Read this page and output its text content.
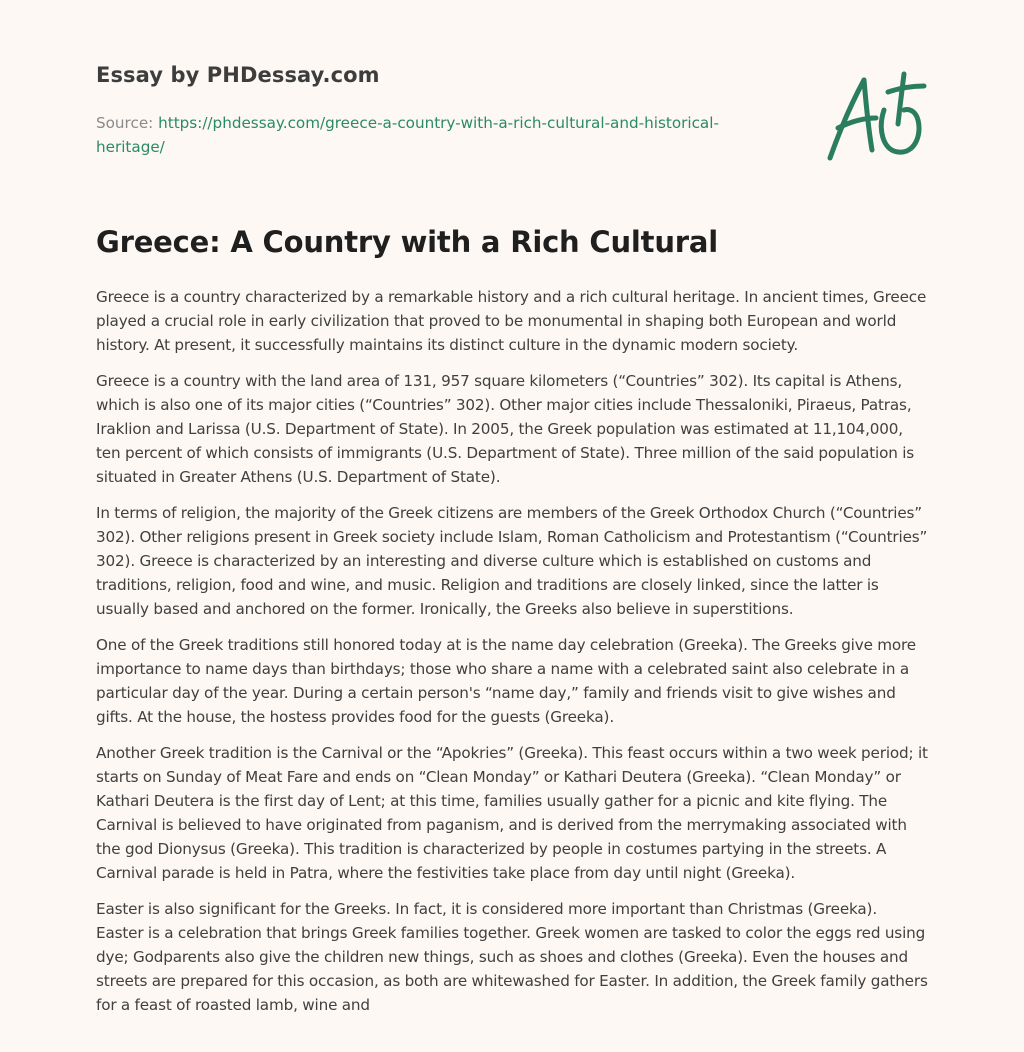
Essay by PHDessay.com
Source: https://phdessay.com/greece-a-country-with-a-rich-cultural-and-historical-heritage/
Greece: A Country with a Rich Cultural

Greece is a country characterized by a remarkable history and a rich cultural heritage. In ancient times, Greece played a crucial role in early civilization that proved to be monumental in shaping both European and world history. At present, it successfully maintains its distinct culture in the dynamic modern society.

Greece is a country with the land area of 131, 957 square kilometers (“Countries” 302). Its capital is Athens, which is also one of its major cities (“Countries” 302). Other major cities include Thessaloniki, Piraeus, Patras, Iraklion and Larissa (U.S. Department of State). In 2005, the Greek population was estimated at 11,104,000, ten percent of which consists of immigrants (U.S. Department of State). Three million of the said population is situated in Greater Athens (U.S. Department of State).

In terms of religion, the majority of the Greek citizens are members of the Greek Orthodox Church (“Countries” 302). Other religions present in Greek society include Islam, Roman Catholicism and Protestantism (“Countries” 302). Greece is characterized by an interesting and diverse culture which is established on customs and traditions, religion, food and wine, and music. Religion and traditions are closely linked, since the latter is usually based and anchored on the former. Ironically, the Greeks also believe in superstitions.

One of the Greek traditions still honored today at is the name day celebration (Greeka). The Greeks give more importance to name days than birthdays; those who share a name with a celebrated saint also celebrate in a particular day of the year. During a certain person's “name day,” family and friends visit to give wishes and gifts. At the house, the hostess provides food for the guests (Greeka).

Another Greek tradition is the Carnival or the “Apokries” (Greeka). This feast occurs within a two week period; it starts on Sunday of Meat Fare and ends on “Clean Monday” or Kathari Deutera (Greeka). “Clean Monday” or Kathari Deutera is the first day of Lent; at this time, families usually gather for a picnic and kite flying. The Carnival is believed to have originated from paganism, and is derived from the merrymaking associated with the god Dionysus (Greeka). This tradition is characterized by people in costumes partying in the streets. A Carnival parade is held in Patra, where the festivities take place from day until night (Greeka).

Easter is also significant for the Greeks. In fact, it is considered more important than Christmas (Greeka). Easter is a celebration that brings Greek families together. Greek women are tasked to color the eggs red using dye; Godparents also give the children new things, such as shoes and clothes (Greeka). Even the houses and streets are prepared for this occasion, as both are whitewashed for Easter. In addition, the Greek family gathers for a feast of roasted lamb, wine and
